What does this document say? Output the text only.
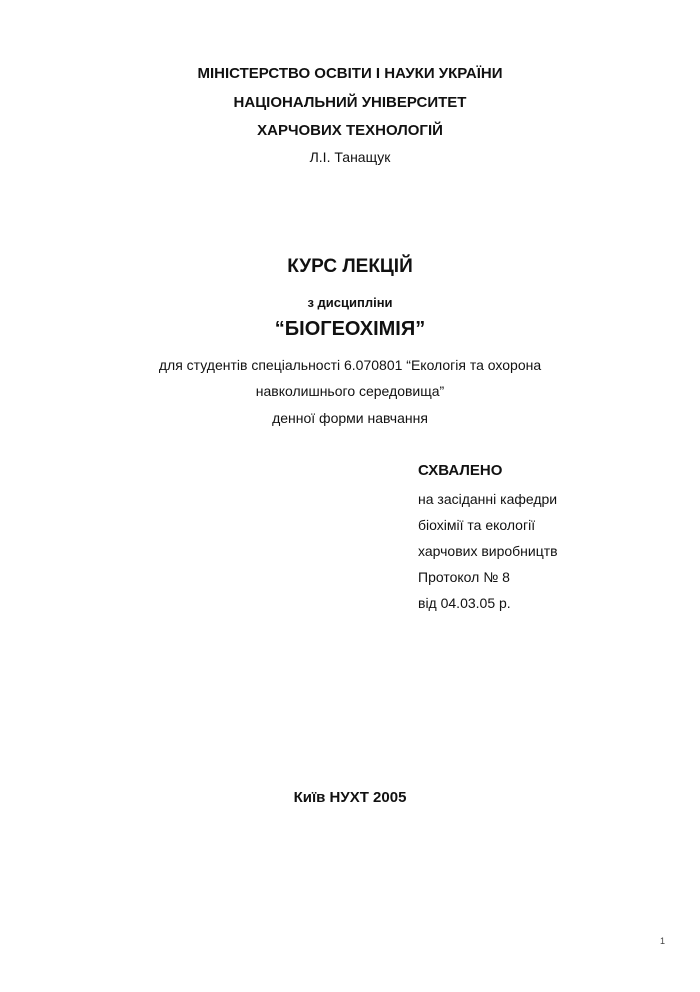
МІНІСТЕРСТВО ОСВІТИ І НАУКИ УКРАЇНИ
НАЦІОНАЛЬНИЙ УНІВЕРСИТЕТ
ХАРЧОВИХ ТЕХНОЛОГІЙ
Л.І. Танащук
КУРС ЛЕКЦІЙ
з дисципліни
“БІОГЕОХІМІЯ”
для студентів спеціальності 6.070801 “Екологія та охорона
навколишнього середовища”
денної форми навчання
СХВАЛЕНО
на засіданні кафедри
біохімії та екології
харчових виробництв
Протокол № 8
від 04.03.05 р.
Київ НУХТ 2005
1
